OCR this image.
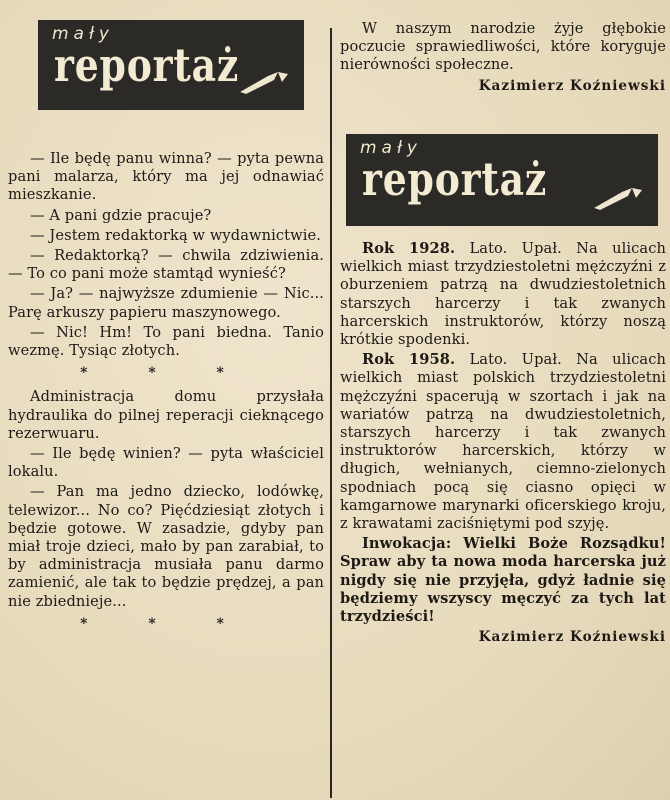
mały
reportaż

— Ile będę panu winna? — pyta pewna pani malarza, który ma jej odnawiać mieszkanie.

— A pani gdzie pracuje?

— Jestem redaktorką w wydawnictwie.

— Redaktorką? — chwila zdziwienia. — To co pani może stamtąd wynieść?

— Ja? — najwyższe zdumienie — Nic... Parę arkuszy papieru maszynowego.

— Nic! Hm! To pani biedna. Tanio wezmę. Tysiąc złotych.

* * *

Administracja domu przysłała hydraulika do pilnej reperacji cieknącego rezerwuaru.

— Ile będę winien? — pyta właściciel lokalu.

— Pan ma jedno dziecko, lodówkę, telewizor... No co? Pięćdziesiąt złotych i będzie gotowe. W zasadzie, gdyby pan miał troje dzieci, mało by pan zarabiał, to by administracja musiała panu darmo zamienić, ale tak to będzie prędzej, a pan nie zbiednieje...

* * *

W naszym narodzie żyje głębokie poczucie sprawiedliwości, które koryguje nierówności społeczne.

Kazimierz Koźniewski

mały
reportaż

Rok 1928. Lato. Upał. Na ulicach wielkich miast trzydziestoletni mężczyźni z oburzeniem patrzą na dwudziestoletnich starszych harcerzy i tak zwanych harcerskich instruktorów, którzy noszą krótkie spodenki.

Rok 1958. Lato. Upał. Na ulicach wielkich miast polskich trzydziestoletni mężczyźni spacerują w szortach i jak na wariatów patrzą na dwudziestoletnich, starszych harcerzy i tak zwanych instruktorów harcerskich, którzy w długich, wełnianych, ciemno-zielonych spodniach pocą się ciasno opięci w kamgarnowe marynarki oficerskiego kroju, z krawatami zaciśniętymi pod szyję.

Inwokacja: Wielki Boże Rozsądku! Spraw aby ta nowa moda harcerska już nigdy się nie przyjęła, gdyż ładnie się będziemy wszyscy męczyć za tych lat trzydzieści!

Kazimierz Koźniewski
